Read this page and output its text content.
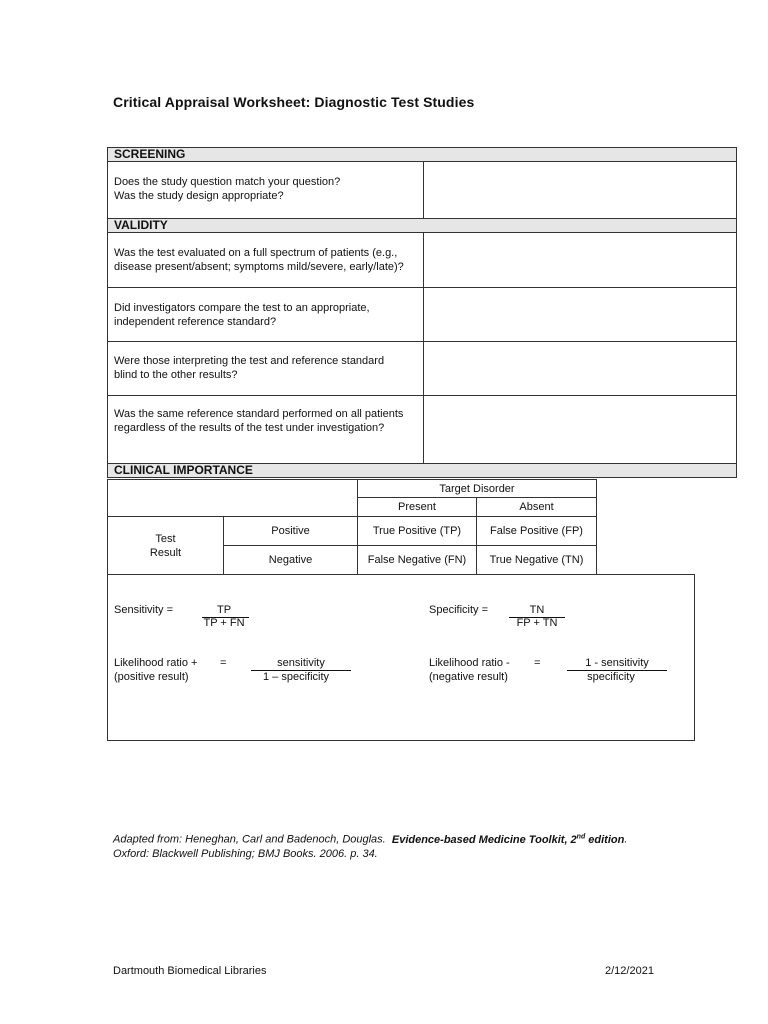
Critical Appraisal Worksheet: Diagnostic Test Studies
SCREENING
Does the study question match your question?
Was the study design appropriate?
VALIDITY
Was the test evaluated on a full spectrum of patients (e.g.,
disease present/absent; symptoms mild/severe, early/late)?
Did investigators compare the test to an appropriate,
independent reference standard?
Were those interpreting the test and reference standard
blind to the other results?
Was the same reference standard performed on all patients
regardless of the results of the test under investigation?
CLINICAL IMPORTANCE
		Target Disorder	
		Present	Absent

Test
Result	Positive	True Positive (TP)	False Positive (FP)
	Negative	False Negative (FN)	True Negative (TN)
Sensitivity =	TP
TP + FN
Specificity =	TN
FP + TN
Likelihood ratio +
(positive result)
=	sensitivity
1 – specificity
Likelihood ratio -
(negative result)
=	1 - sensitivity
specificity
Adapted from: Heneghan, Carl and Badenoch, Douglas. Evidence-based Medicine Toolkit, 2nd edition.
Oxford: Blackwell Publishing; BMJ Books. 2006. p. 34.
Dartmouth Biomedical Libraries	2/12/2021
